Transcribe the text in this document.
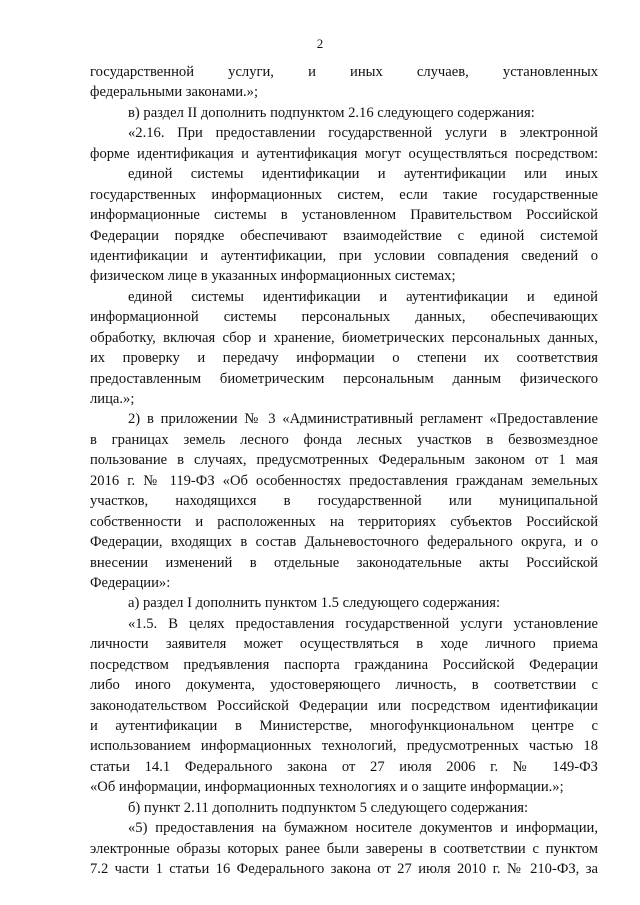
2
государственной услуги, и иных случаев, установленных
федеральными законами.»;
в) раздел II дополнить подпунктом 2.16 следующего содержания:
«2.16. При предоставлении государственной услуги в электронной
форме идентификация и аутентификация могут осуществляться посредством:
единой системы идентификации и аутентификации или иных
государственных информационных систем, если такие государственные
информационные системы в установленном Правительством Российской
Федерации порядке обеспечивают взаимодействие с единой системой
идентификации и аутентификации, при условии совпадения сведений о
физическом лице в указанных информационных системах;
единой системы идентификации и аутентификации и единой
информационной системы персональных данных, обеспечивающих
обработку, включая сбор и хранение, биометрических персональных данных,
их проверку и передачу информации о степени их соответствия
предоставленным биометрическим персональным данным физического
лица.»;
2) в приложении № 3 «Административный регламент «Предоставление
в границах земель лесного фонда лесных участков в безвозмездное
пользование в случаях, предусмотренных Федеральным законом от 1 мая
2016 г. № 119-ФЗ «Об особенностях предоставления гражданам земельных
участков, находящихся в государственной или муниципальной
собственности и расположенных на территориях субъектов Российской
Федерации, входящих в состав Дальневосточного федерального округа, и о
внесении изменений в отдельные законодательные акты Российской
Федерации»:
а) раздел I дополнить пунктом 1.5 следующего содержания:
«1.5. В целях предоставления государственной услуги установление
личности заявителя может осуществляться в ходе личного приема
посредством предъявления паспорта гражданина Российской Федерации
либо иного документа, удостоверяющего личность, в соответствии с
законодательством Российской Федерации или посредством идентификации
и аутентификации в Министерстве, многофункциональном центре с
использованием информационных технологий, предусмотренных частью 18
статьи 14.1 Федерального закона от 27 июля 2006 г. № 149-ФЗ
«Об информации, информационных технологиях и о защите информации.»;
б) пункт 2.11 дополнить подпунктом 5 следующего содержания:
«5) предоставления на бумажном носителе документов и информации,
электронные образы которых ранее были заверены в соответствии с пунктом
7.2 части 1 статьи 16 Федерального закона от 27 июля 2010 г. № 210-ФЗ, за
